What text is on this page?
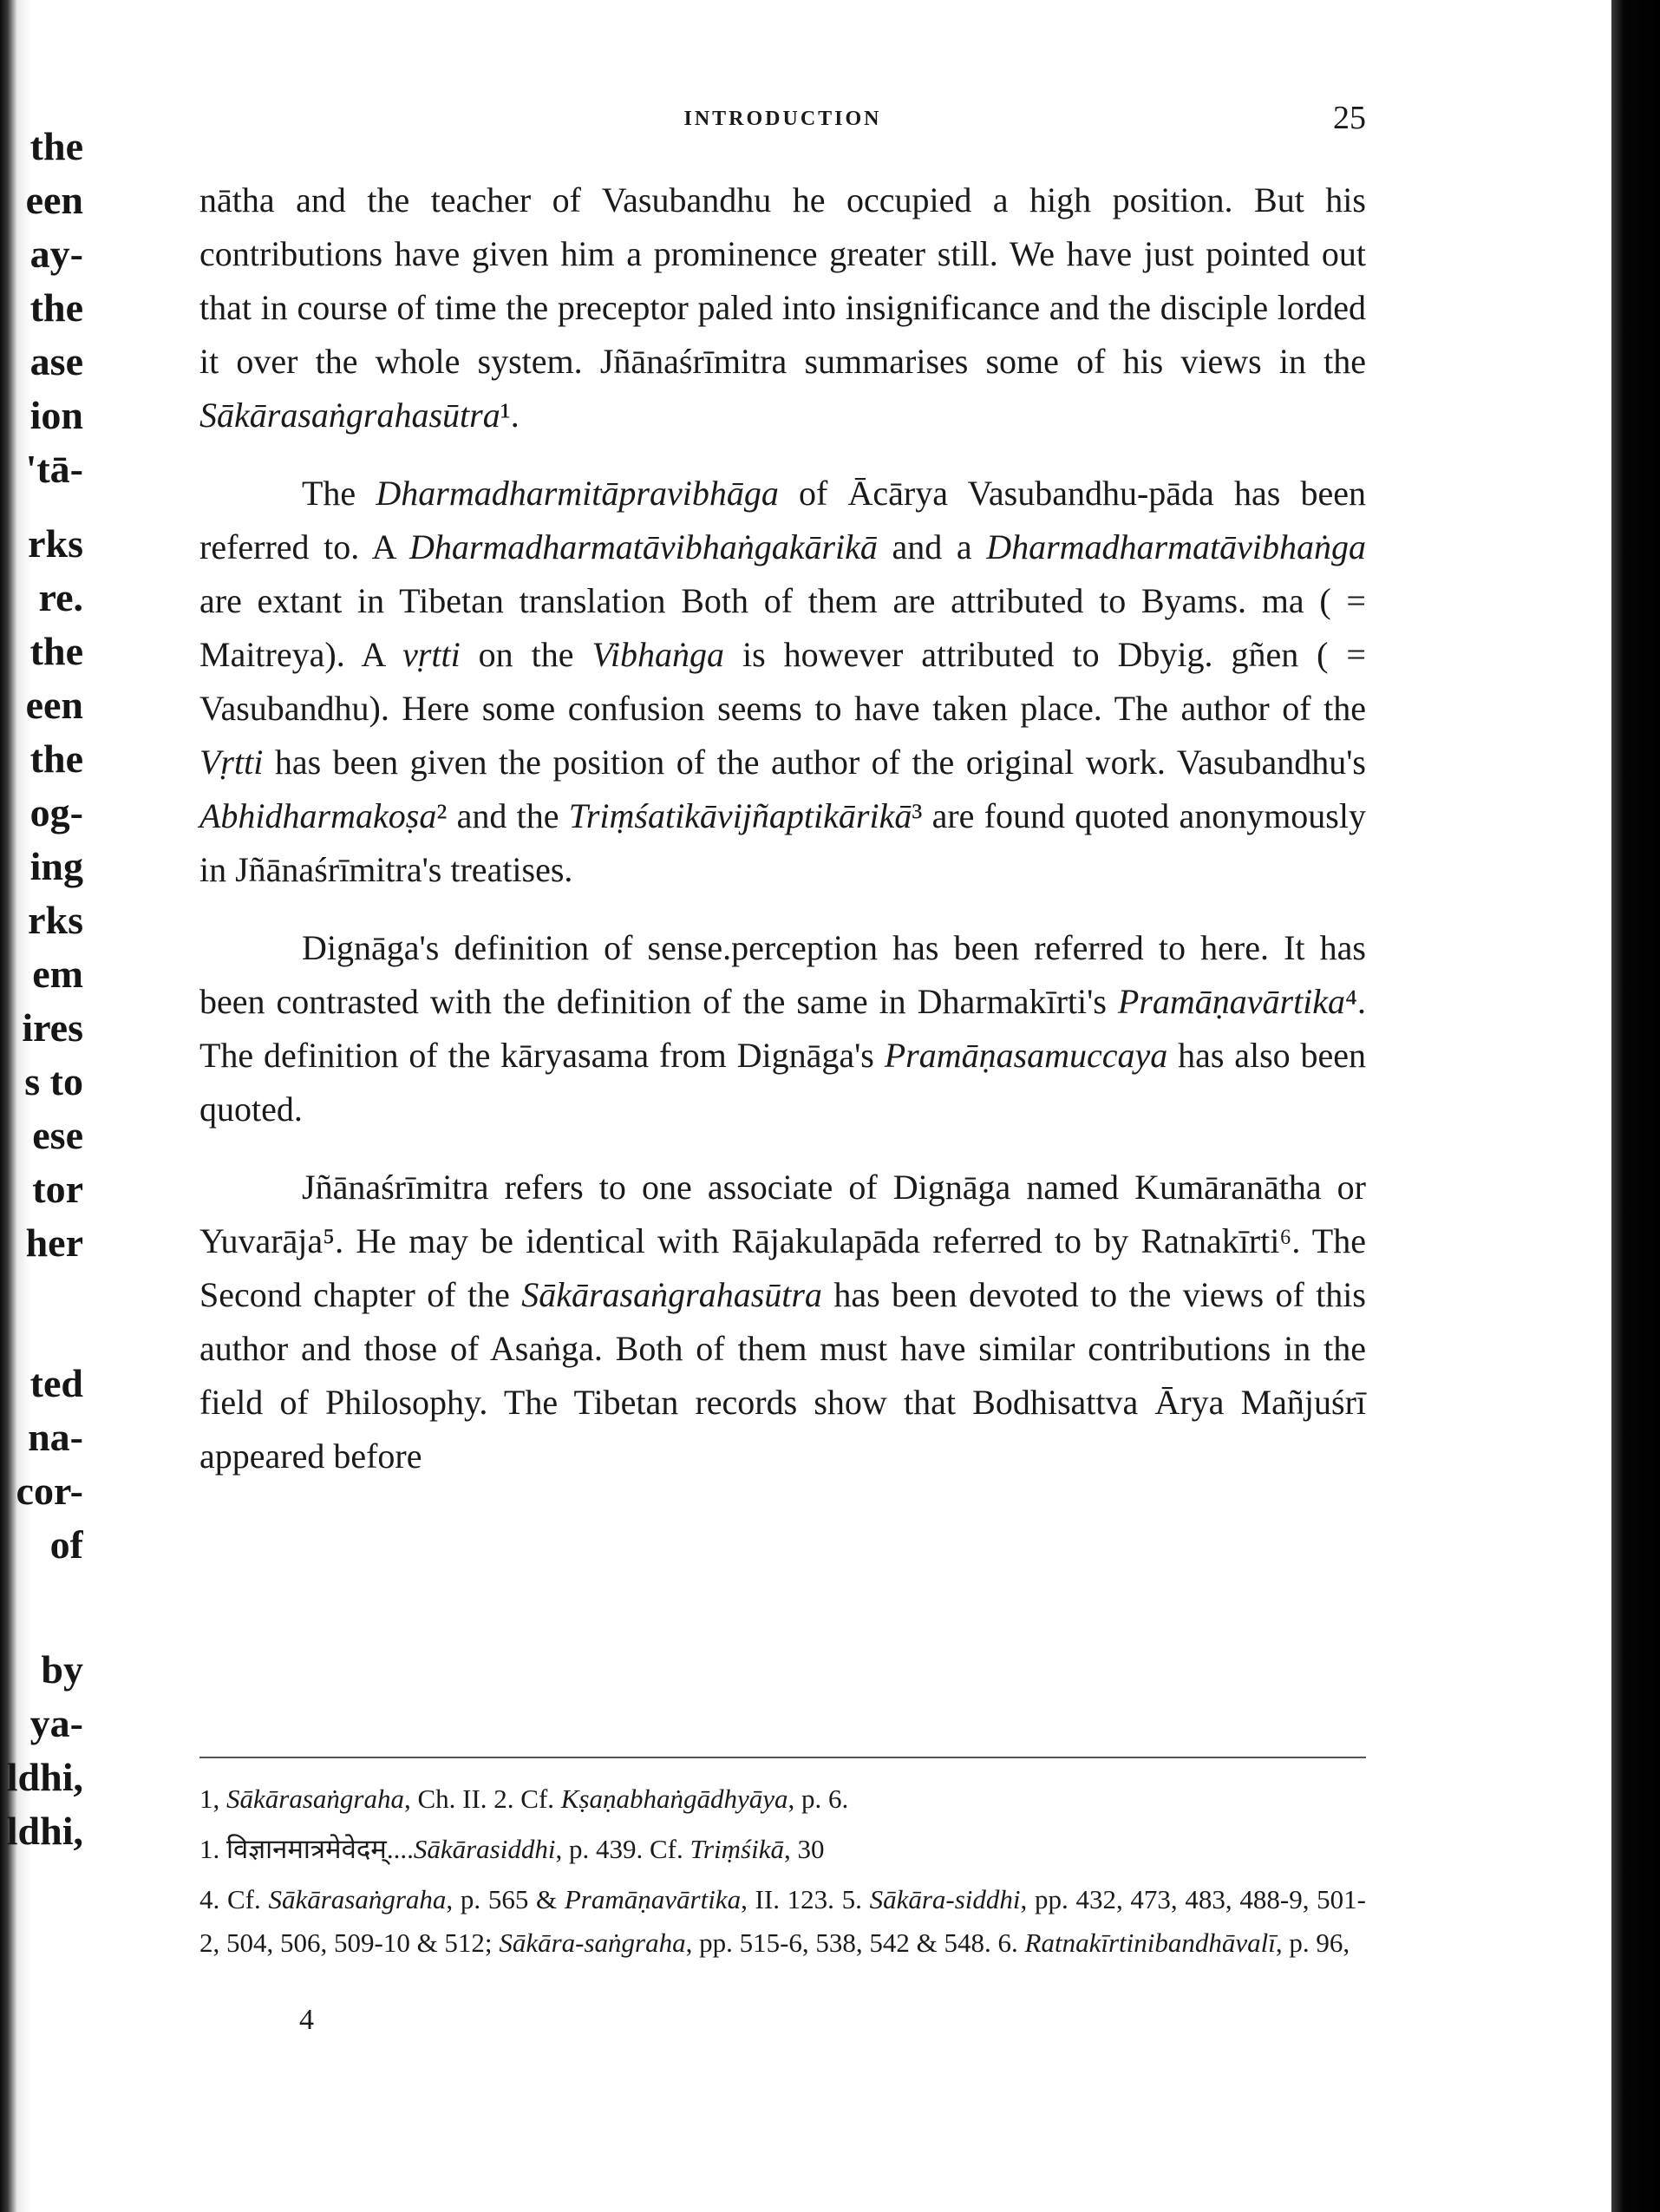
the
een
ay-
the
ase
ion
'tā-
rks
re.
the
een
the
og-
ing
rks
em
ires
s to
ese
tor
her
ted
na-
cor-
of
by
ya-
ldhi,
ldhi,
INTRODUCTION	25

nātha and the teacher of Vasubandhu he occupied a high position. But his contributions have given him a prominence greater still. We have just pointed out that in course of time the preceptor paled into insignificance and the disciple lorded it over the whole system. Jñānaśrīmitra summarises some of his views in the Sākārasaṅgrahasūtra¹.

The Dharmadharmitāpravibhāga of Ācārya Vasubandhu-pāda has been referred to. A Dharmadharmatāvibhaṅgakārikā and a Dharmadharmatāvibhaṅga are extant in Tibetan translation Both of them are attributed to Byams. ma ( = Maitreya). A vṛtti on the Vibhaṅga is however attributed to Dbyig. gñen ( = Vasubandhu). Here some confusion seems to have taken place. The author of the Vṛtti has been given the position of the author of the original work. Vasubandhu's Abhidharmakoṣa² and the Triṃśatikāvijñaptikārikā³ are found quoted anonymously in Jñānaśrīmitra's treatises.

Dignāga's definition of sense.perception has been referred to here. It has been contrasted with the definition of the same in Dharmakīrti's Pramāṇavārtika⁴. The definition of the kāryasama from Dignāga's Pramāṇasamuccaya has also been quoted.

Jñānaśrīmitra refers to one associate of Dignāga named Kumāranātha or Yuvarāja⁵. He may be identical with Rājakulapāda referred to by Ratnakīrti⁶. The Second chapter of the Sākārasaṅgrahasūtra has been devoted to the views of this author and those of Asaṅga. Both of them must have similar contributions in the field of Philosophy. The Tibetan records show that Bodhisattva Ārya Mañjuśrī appeared before

1, Sākārasaṅgraha, Ch. II. 2. Cf. Kṣaṇabhaṅgādhyāya, p. 6.

1. विज्ञानमात्रमेवेदम्....Sākārasiddhi, p. 439. Cf. Triṃśikā, 30

4. Cf. Sākārasaṅgraha, p. 565 & Pramāṇavārtika, II. 123. 5. Sākāra-siddhi, pp. 432, 473, 483, 488-9, 501-2, 504, 506, 509-10 & 512; Sākāra-saṅgraha, pp. 515-6, 538, 542 & 548. 6. Ratnakīrtinibandhāvalī, p. 96,

4
